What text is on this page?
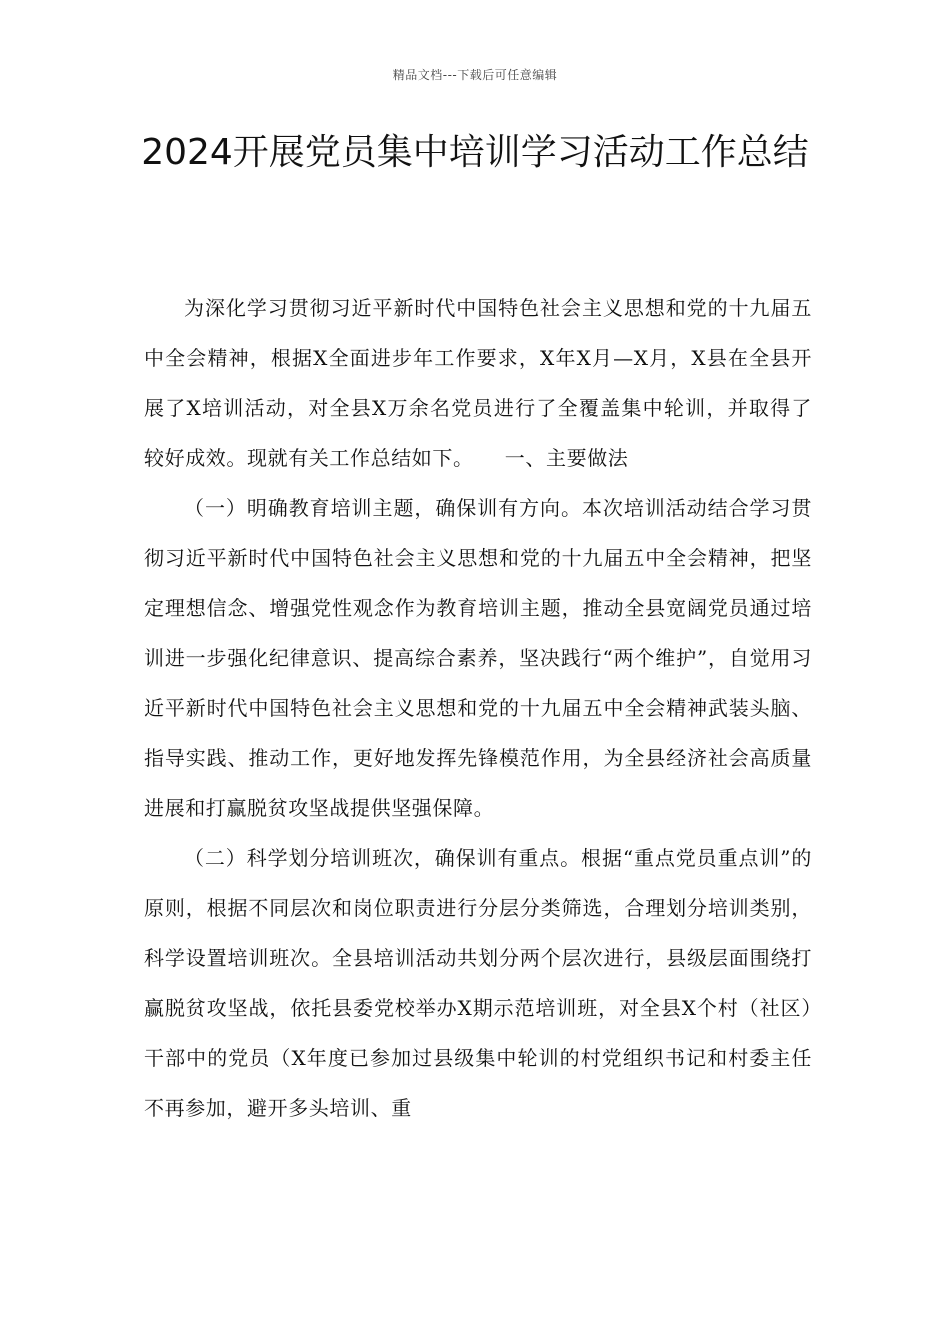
精品文档---下载后可任意编辑
2024开展党员集中培训学习活动工作总结

为深化学习贯彻习近平新时代中国特色社会主义思想和党的十九届五中全会精神，根据X全面进步年工作要求，X年X月—X月，X县在全县开展了X培训活动，对全县X万余名党员进行了全覆盖集中轮训，并取得了较好成效。现就有关工作总结如下。　　一、主要做法

（一）明确教育培训主题，确保训有方向。本次培训活动结合学习贯彻习近平新时代中国特色社会主义思想和党的十九届五中全会精神，把坚定理想信念、增强党性观念作为教育培训主题，推动全县宽阔党员通过培训进一步强化纪律意识、提高综合素养，坚决践行“两个维护”，自觉用习近平新时代中国特色社会主义思想和党的十九届五中全会精神武装头脑、指导实践、推动工作，更好地发挥先锋模范作用，为全县经济社会高质量进展和打赢脱贫攻坚战提供坚强保障。

（二）科学划分培训班次，确保训有重点。根据“重点党员重点训”的原则，根据不同层次和岗位职责进行分层分类筛选，合理划分培训类别，科学设置培训班次。全县培训活动共划分两个层次进行，县级层面围绕打赢脱贫攻坚战，依托县委党校举办X期示范培训班，对全县X个村（社区）干部中的党员（X年度已参加过县级集中轮训的村党组织书记和村委主任不再参加，避开多头培训、重
